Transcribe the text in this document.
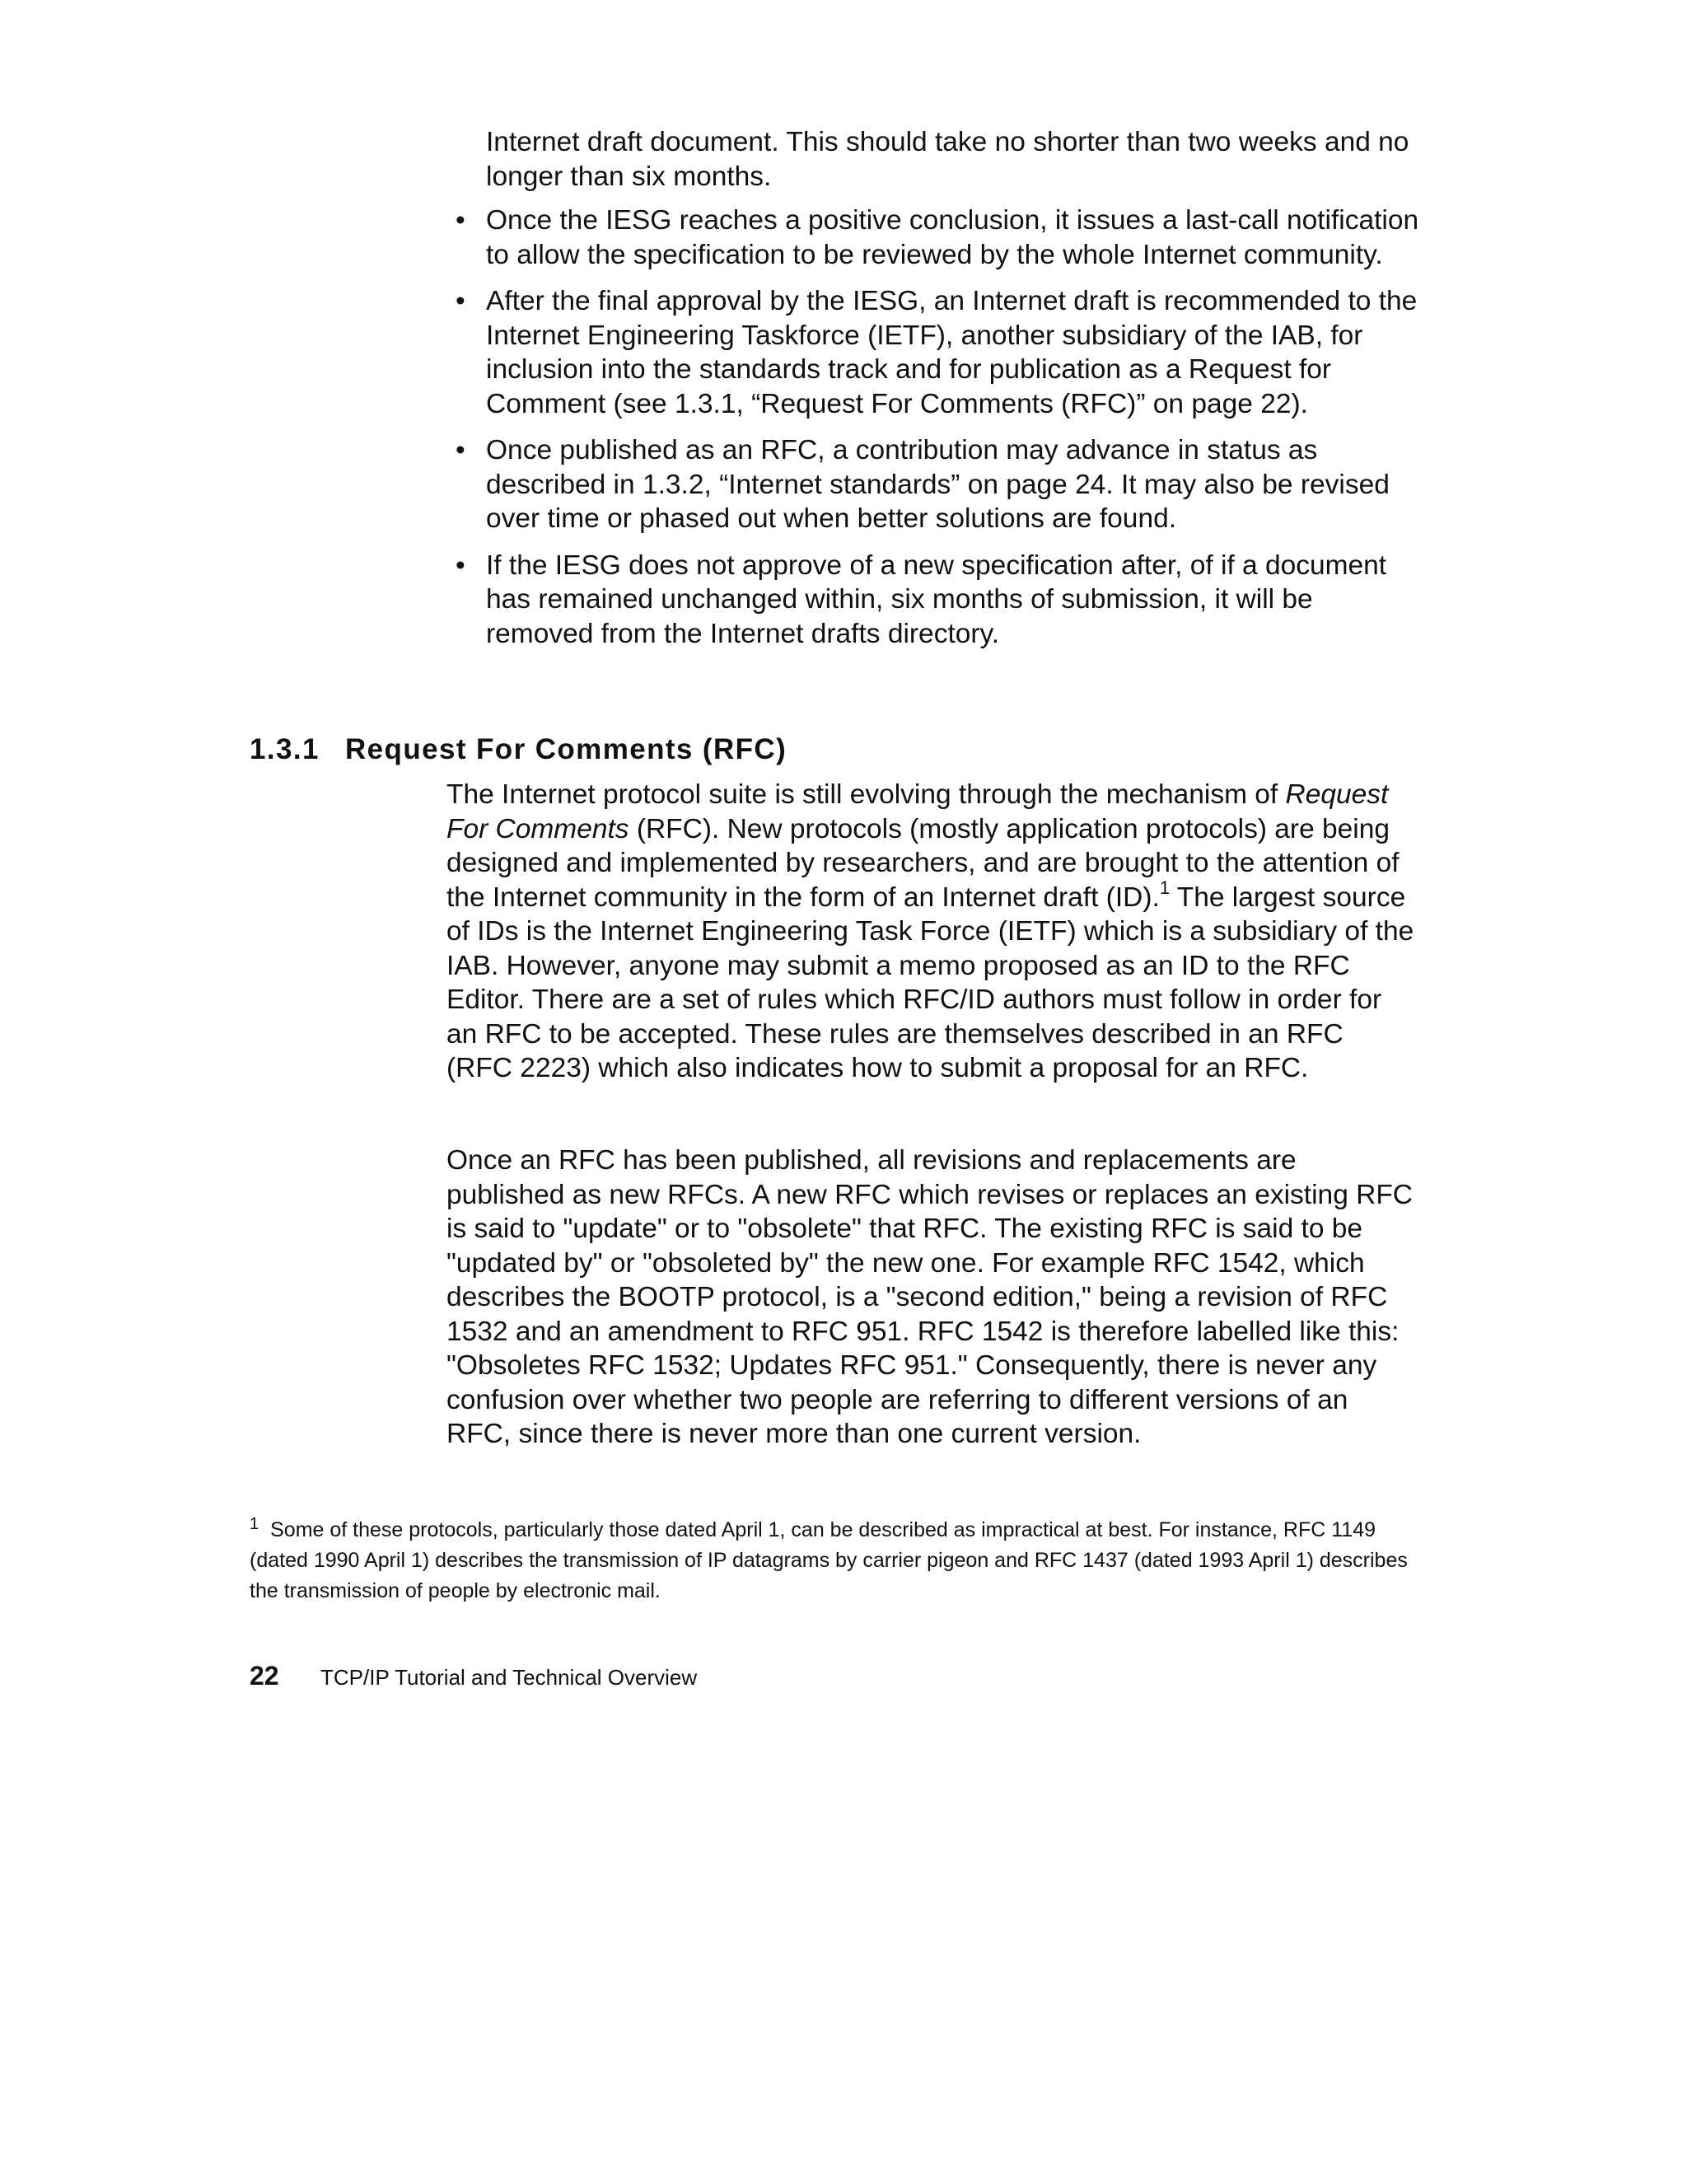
Internet draft document. This should take no shorter than two weeks and no longer than six months.

• Once the IESG reaches a positive conclusion, it issues a last-call notification to allow the specification to be reviewed by the whole Internet community.
• After the final approval by the IESG, an Internet draft is recommended to the Internet Engineering Taskforce (IETF), another subsidiary of the IAB, for inclusion into the standards track and for publication as a Request for Comment (see 1.3.1, “Request For Comments (RFC)” on page 22).
• Once published as an RFC, a contribution may advance in status as described in 1.3.2, “Internet standards” on page 24. It may also be revised over time or phased out when better solutions are found.
• If the IESG does not approve of a new specification after, of if a document has remained unchanged within, six months of submission, it will be removed from the Internet drafts directory.
1.3.1 Request For Comments (RFC)

The Internet protocol suite is still evolving through the mechanism of Request For Comments (RFC). New protocols (mostly application protocols) are being designed and implemented by researchers, and are brought to the attention of the Internet community in the form of an Internet draft (ID).$^1$ The largest source of IDs is the Internet Engineering Task Force (IETF) which is a subsidiary of the IAB. However, anyone may submit a memo proposed as an ID to the RFC Editor. There are a set of rules which RFC/ID authors must follow in order for an RFC to be accepted. These rules are themselves described in an RFC (RFC 2223) which also indicates how to submit a proposal for an RFC.

Once an RFC has been published, all revisions and replacements are published as new RFCs. A new RFC which revises or replaces an existing RFC is said to "update" or to "obsolete" that RFC. The existing RFC is said to be "updated by" or "obsoleted by" the new one. For example RFC 1542, which describes the BOOTP protocol, is a "second edition," being a revision of RFC 1532 and an amendment to RFC 951. RFC 1542 is therefore labelled like this: "Obsoletes RFC 1532; Updates RFC 951." Consequently, there is never any confusion over whether two people are referring to different versions of an RFC, since there is never more than one current version.

$^1$ Some of these protocols, particularly those dated April 1, can be described as impractical at best. For instance, RFC 1149 (dated 1990 April 1) describes the transmission of IP datagrams by carrier pigeon and RFC 1437 (dated 1993 April 1) describes the transmission of people by electronic mail.

22 TCP/IP Tutorial and Technical Overview
